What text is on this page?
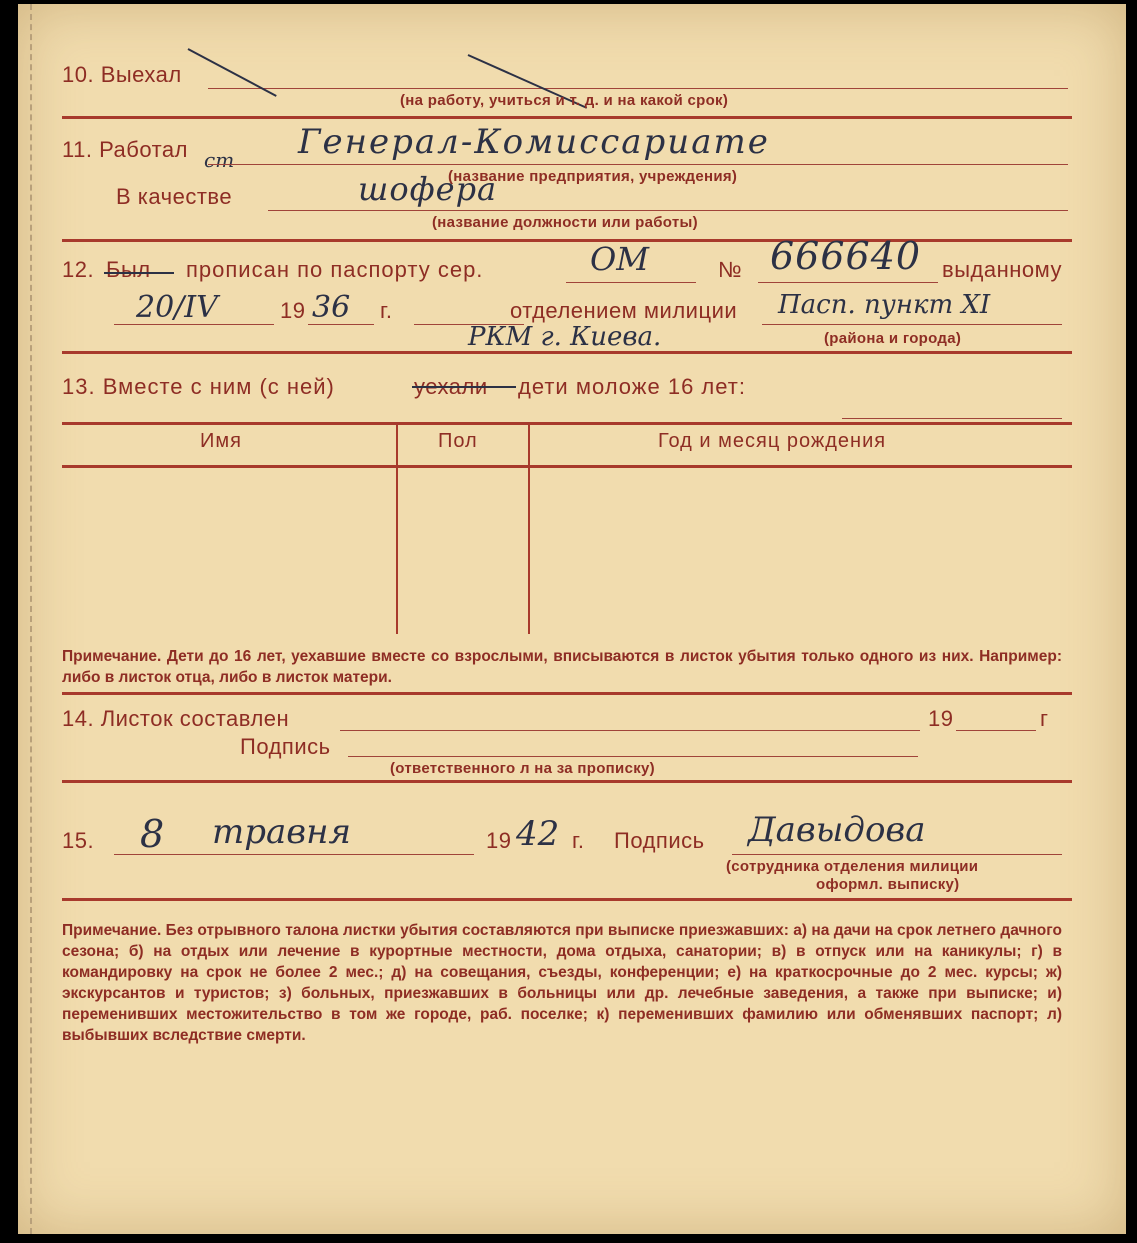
10. Выехал
(на работу, учиться и т. д. и на какой срок)
11. Работал ст Генерал-Комиссариате
(название предприятия, учреждения)
В качестве	шофера
(название должности или работы)
12. Был прописан по паспорту сер.	ОМ	№ 666640 выданному
20/IV	19 36 г.	отделением милиции Пасп. пункт XI
РКМ г. Киева.	(района и города)
13. Вместе с ним (с ней)	уехали дети моложе 16 лет:
Имя	Пол	Год и месяц рождения
Примечание. Дети до 16 лет, уехавшие вместе со взрослыми, вписываются в листок убытия только одного из них. Например: либо в листок отца, либо в листок матери.
14. Листок составлен	19	г
Подпись
(ответственного л на за прописку)
15. 8 травня	19 42 г. Подпись Давыдова
(сотрудника отделения милиции
оформл. выписку)
Примечание. Без отрывного талона листки убытия составляются при выписке приезжавших: а) на дачи на срок летнего дачного сезона; б) на отдых или лечение в курортные местности, дома отдыха, санатории; в) в отпуск или на каникулы; г) в командировку на срок не более 2 мес.; д) на совещания, съезды, конференции; е) на краткосрочные до 2 мес. курсы; ж) экскурсантов и туристов; з) больных, приезжавших в больницы или др. лечебные заведения, а также при выписке; и) переменивших местожительство в том же городе, раб. поселке; к) переменивших фамилию или обменявших паспорт; л) выбывших вследствие смерти.
